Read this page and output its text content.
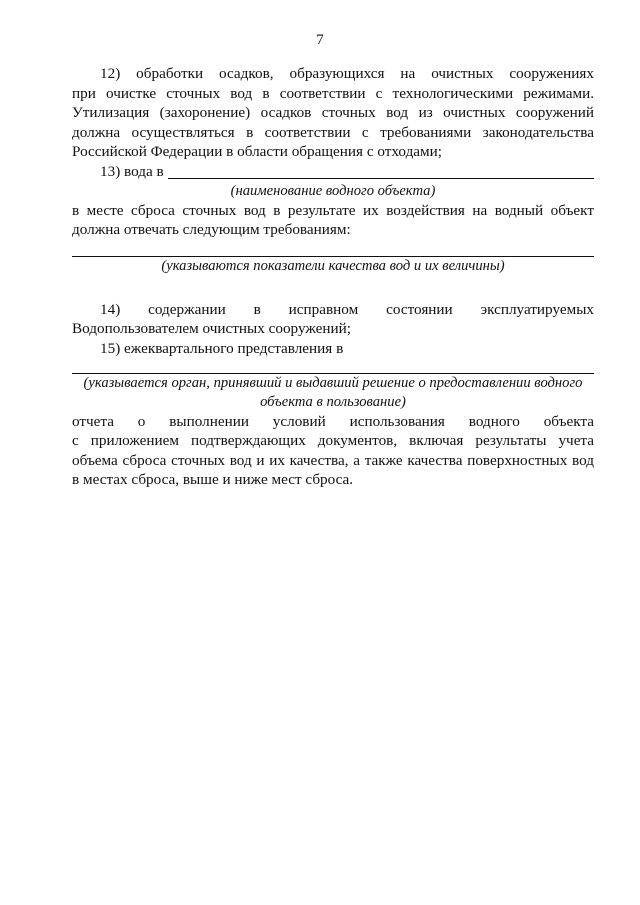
7

12) обработки осадков, образующихся на очистных сооружениях

при очистке сточных вод в соответствии с технологическими режимами. Утилизация (захоронение) осадков сточных вод из очистных сооружений должна осуществляться в соответствии с требованиями законодательства Российской Федерации в области обращения с отходами;

13) вода в

(наименование водного объекта)

в месте сброса сточных вод в результате их воздействия на водный объект должна отвечать следующим требованиям:

(указываются показатели качества вод и их величины)

14) содержании в исправном состоянии эксплуатируемых

Водопользователем очистных сооружений;

15) ежеквартального представления в

(указывается орган, принявший и выдавший решение о предоставлении водного объекта в пользование)

отчета о выполнении условий использования водного объекта

с приложением подтверждающих документов, включая результаты учета объема сброса сточных вод и их качества, а также качества поверхностных вод в местах сброса, выше и ниже мест сброса.
